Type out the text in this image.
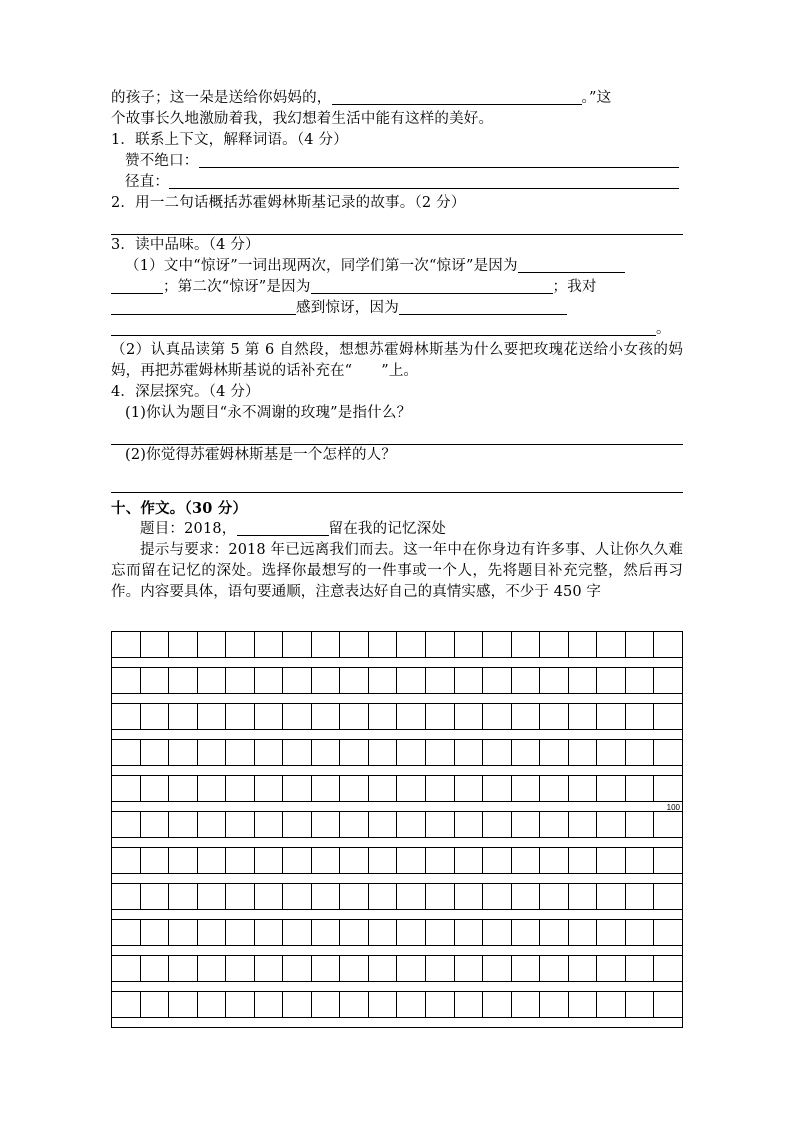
的孩子；这一朵是送给你妈妈的，	。”这
个故事长久地激励着我，我幻想着生活中能有这样的美好。
1．联系上下文，解释词语。（4 分）
赞不绝口：
径直：
2．用一二句话概括苏霍姆林斯基记录的故事。（2 分）
3．读中品味。（4 分）
（1）文中“惊讶”一词出现两次，同学们第一次“惊讶”是因为
；第二次“惊讶”是因为	；我对
感到惊讶，因为
。
（2）认真品读第 5 第 6 自然段，想想苏霍姆林斯基为什么要把玫瑰花送给小女孩的妈妈，再把苏霍姆林斯基说的话补充在“　　”上。
4．深层探究。（4 分）
(1)你认为题目“永不凋谢的玫瑰”是指什么？
(2)你觉得苏霍姆林斯基是一个怎样的人？
十、作文。（30 分）
题目：2018，	留在我的记忆深处
提示与要求：2018 年已远离我们而去。这一年中在你身边有许多事、人让你久久难忘而留在记忆的深处。选择你最想写的一件事或一个人，先将题目补充完整，然后再习作。内容要具体，语句要通顺，注意表达好自己的真情实感，不少于 450 字

100																			
